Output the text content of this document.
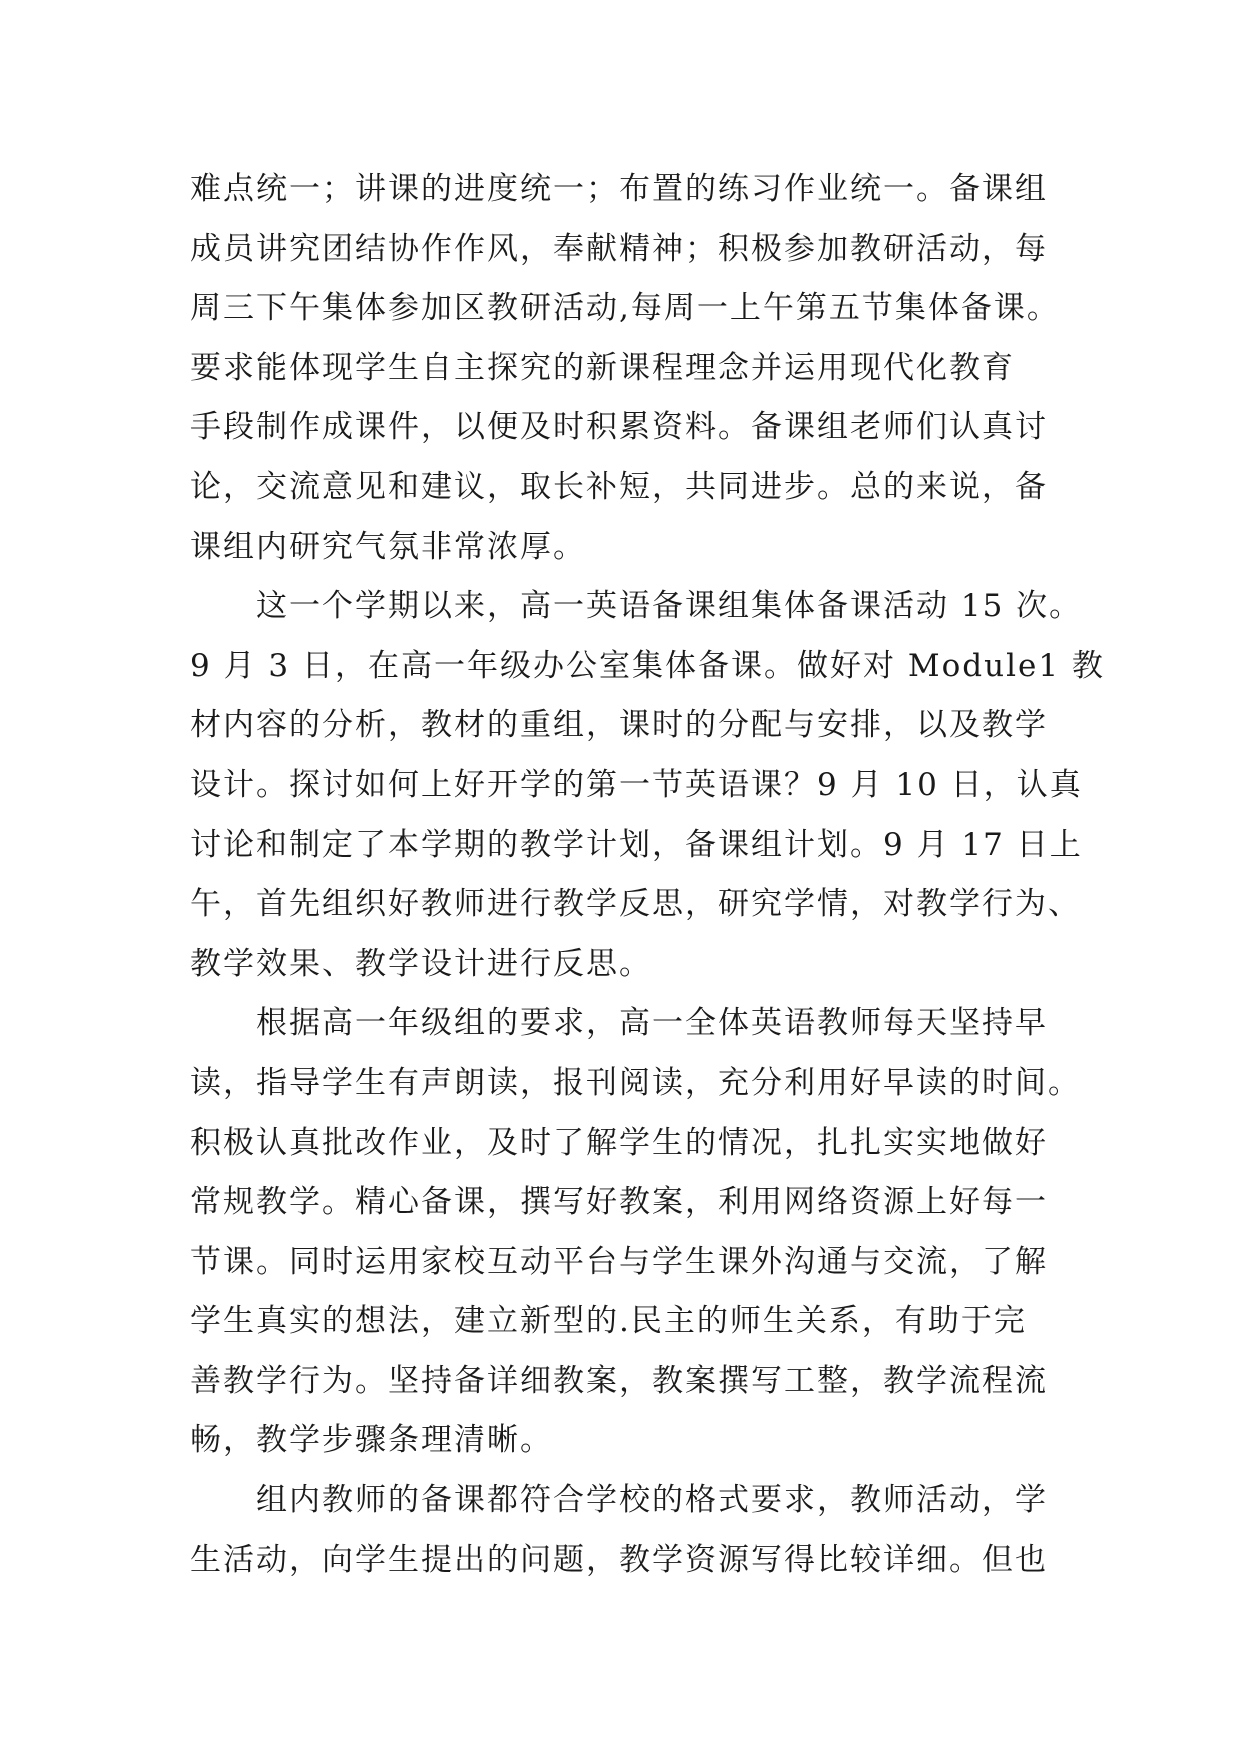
难点统一；讲课的进度统一；布置的练习作业统一。备课组
成员讲究团结协作作风，奉献精神；积极参加教研活动，每
周三下午集体参加区教研活动,每周一上午第五节集体备课。
要求能体现学生自主探究的新课程理念并运用现代化教育
手段制作成课件，以便及时积累资料。备课组老师们认真讨
论，交流意见和建议，取长补短，共同进步。总的来说，备
课组内研究气氛非常浓厚。
　　这一个学期以来，高一英语备课组集体备课活动 15 次。
9 月 3 日，在高一年级办公室集体备课。做好对 Module1 教
材内容的分析，教材的重组，课时的分配与安排，以及教学
设计。探讨如何上好开学的第一节英语课？9 月 10 日，认真
讨论和制定了本学期的教学计划，备课组计划。9 月 17 日上
午，首先组织好教师进行教学反思，研究学情，对教学行为、
教学效果、教学设计进行反思。
　　根据高一年级组的要求，高一全体英语教师每天坚持早
读，指导学生有声朗读，报刊阅读，充分利用好早读的时间。
积极认真批改作业，及时了解学生的情况，扎扎实实地做好
常规教学。精心备课，撰写好教案，利用网络资源上好每一
节课。同时运用家校互动平台与学生课外沟通与交流，了解
学生真实的想法，建立新型的.民主的师生关系，有助于完
善教学行为。坚持备详细教案，教案撰写工整，教学流程流
畅，教学步骤条理清晰。
　　组内教师的备课都符合学校的格式要求，教师活动，学
生活动，向学生提出的问题，教学资源写得比较详细。但也
